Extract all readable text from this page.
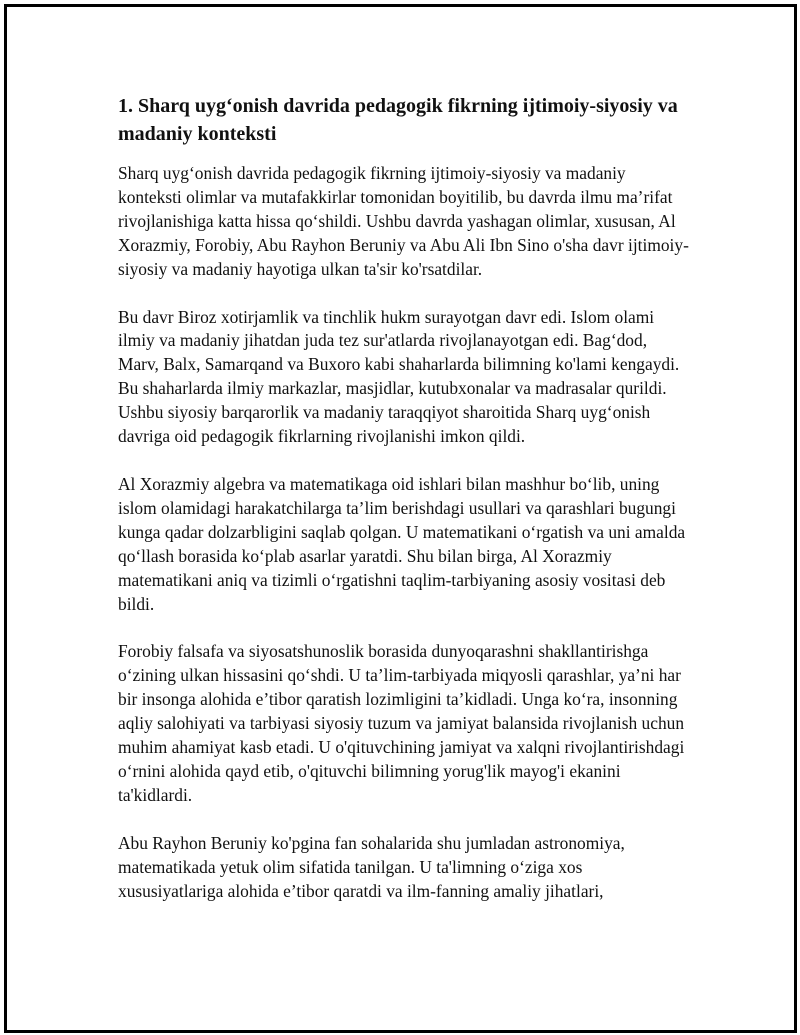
1. Sharq uyg‘onish davrida pedagogik fikrning ijtimoiy-siyosiy va madaniy konteksti

Sharq uyg‘onish davrida pedagogik fikrning ijtimoiy-siyosiy va madaniy konteksti olimlar va mutafakkirlar tomonidan boyitilib, bu davrda ilmu ma’rifat rivojlanishiga katta hissa qo‘shildi. Ushbu davrda yashagan olimlar, xususan, Al Xorazmiy, Forobiy, Abu Rayhon Beruniy va Abu Ali Ibn Sino o'sha davr ijtimoiy-siyosiy va madaniy hayotiga ulkan ta'sir ko'rsatdilar.

Bu davr Biroz xotirjamlik va tinchlik hukm surayotgan davr edi. Islom olami ilmiy va madaniy jihatdan juda tez sur'atlarda rivojlanayotgan edi. Bag‘dod, Marv, Balx, Samarqand va Buxoro kabi shaharlarda bilimning ko'lami kengaydi. Bu shaharlarda ilmiy markazlar, masjidlar, kutubxonalar va madrasalar qurildi. Ushbu siyosiy barqarorlik va madaniy taraqqiyot sharoitida Sharq uyg‘onish davriga oid pedagogik fikrlarning rivojlanishi imkon qildi.

Al Xorazmiy algebra va matematikaga oid ishlari bilan mashhur bo‘lib, uning islom olamidagi harakatchilarga ta’lim berishdagi usullari va qarashlari bugungi kunga qadar dolzarbligini saqlab qolgan. U matematikani o‘rgatish va uni amalda qo‘llash borasida ko‘plab asarlar yaratdi. Shu bilan birga, Al Xorazmiy matematikani aniq va tizimli o‘rgatishni taqlim-tarbiyaning asosiy vositasi deb bildi.

Forobiy falsafa va siyosatshunoslik borasida dunyoqarashni shakllantirishga o‘zining ulkan hissasini qo‘shdi. U ta’lim-tarbiyada miqyosli qarashlar, ya’ni har bir insonga alohida e’tibor qaratish lozimligini ta’kidladi. Unga ko‘ra, insonning aqliy salohiyati va tarbiyasi siyosiy tuzum va jamiyat balansida rivojlanish uchun muhim ahamiyat kasb etadi. U o'qituvchining jamiyat va xalqni rivojlantirishdagi o‘rnini alohida qayd etib, o'qituvchi bilimning yorug'lik mayog'i ekanini ta'kidlardi.

Abu Rayhon Beruniy ko'pgina fan sohalarida shu jumladan astronomiya, matematikada yetuk olim sifatida tanilgan. U ta'limning o‘ziga xos xususiyatlariga alohida e’tibor qaratdi va ilm-fanning amaliy jihatlari,
